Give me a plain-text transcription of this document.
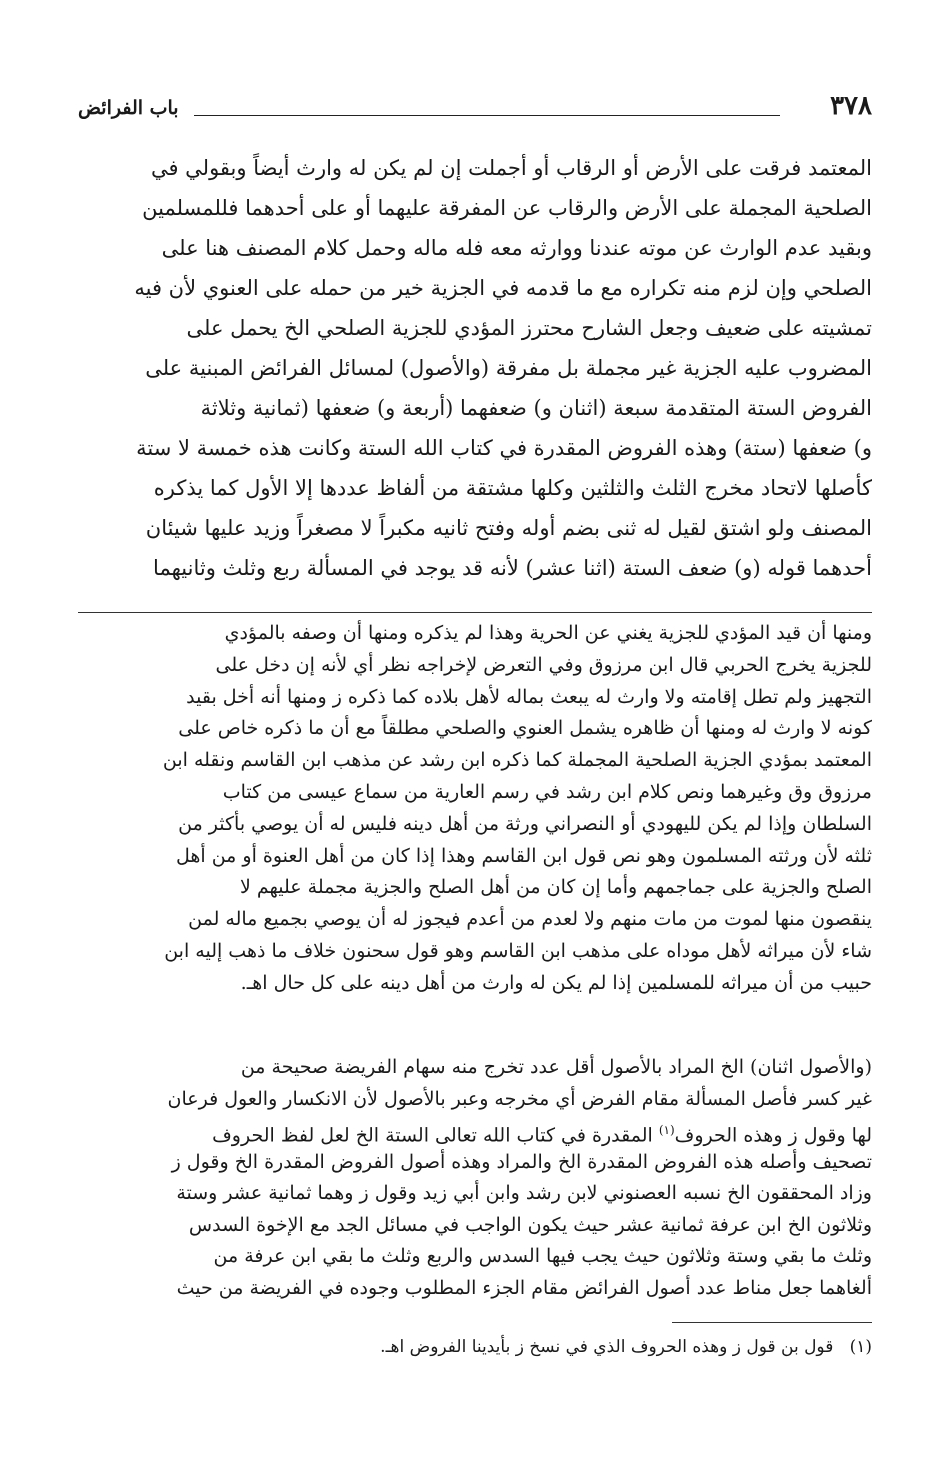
٣٧٨
باب الفرائض
المعتمد فرقت على الأرض أو الرقاب أو أجملت إن لم يكن له وارث أيضاً وبقولي في
الصلحية المجملة على الأرض والرقاب عن المفرقة عليهما أو على أحدهما فللمسلمين
وبقيد عدم الوارث عن موته عندنا ووارثه معه فله ماله وحمل كلام المصنف هنا على
الصلحي وإن لزم منه تكراره مع ما قدمه في الجزية خير من حمله على العنوي لأن فيه
تمشيته على ضعيف وجعل الشارح محترز المؤدي للجزية الصلحي الخ يحمل على
المضروب عليه الجزية غير مجملة بل مفرقة (والأصول) لمسائل الفرائض المبنية على
الفروض الستة المتقدمة سبعة (اثنان و) ضعفهما (أربعة و) ضعفها (ثمانية وثلاثة
و) ضعفها (ستة) وهذه الفروض المقدرة في كتاب الله الستة وكانت هذه خمسة لا ستة
كأصلها لاتحاد مخرج الثلث والثلثين وكلها مشتقة من ألفاظ عددها إلا الأول كما يذكره
المصنف ولو اشتق لقيل له ثنى بضم أوله وفتح ثانيه مكبراً لا مصغراً وزيد عليها شيئان
أحدهما قوله (و) ضعف الستة (اثنا عشر) لأنه قد يوجد في المسألة ربع وثلث وثانيهما
ومنها أن قيد المؤدي للجزية يغني عن الحرية وهذا لم يذكره ومنها أن وصفه بالمؤدي
للجزية يخرج الحربي قال ابن مرزوق وفي التعرض لإخراجه نظر أي لأنه إن دخل على
التجهيز ولم تطل إقامته ولا وارث له يبعث بماله لأهل بلاده كما ذكره ز ومنها أنه أخل بقيد
كونه لا وارث له ومنها أن ظاهره يشمل العنوي والصلحي مطلقاً مع أن ما ذكره خاص على
المعتمد بمؤدي الجزية الصلحية المجملة كما ذكره ابن رشد عن مذهب ابن القاسم ونقله ابن
مرزوق وق وغيرهما ونص كلام ابن رشد في رسم العارية من سماع عيسى من كتاب
السلطان وإذا لم يكن لليهودي أو النصراني ورثة من أهل دينه فليس له أن يوصي بأكثر من
ثلثه لأن ورثته المسلمون وهو نص قول ابن القاسم وهذا إذا كان من أهل العنوة أو من أهل
الصلح والجزية على جماجمهم وأما إن كان من أهل الصلح والجزية مجملة عليهم لا
ينقصون منها لموت من مات منهم ولا لعدم من أعدم فيجوز له أن يوصي بجميع ماله لمن
شاء لأن ميراثه لأهل موداه على مذهب ابن القاسم وهو قول سحنون خلاف ما ذهب إليه ابن
حبيب من أن ميراثه للمسلمين إذا لم يكن له وارث من أهل دينه على كل حال اهـ.
(والأصول اثنان) الخ المراد بالأصول أقل عدد تخرج منه سهام الفريضة صحيحة من
غير كسر فأصل المسألة مقام الفرض أي مخرجه وعبر بالأصول لأن الانكسار والعول فرعان
لها وقول ز وهذه الحروف$^{(١)}$ المقدرة في كتاب الله تعالى الستة الخ لعل لفظ الحروف
تصحيف وأصله هذه الفروض المقدرة الخ والمراد وهذه أصول الفروض المقدرة الخ وقول ز
وزاد المحققون الخ نسبه العصنوني لابن رشد وابن أبي زيد وقول ز وهما ثمانية عشر وستة
وثلاثون الخ ابن عرفة ثمانية عشر حيث يكون الواجب في مسائل الجد مع الإخوة السدس
وثلث ما بقي وستة وثلاثون حيث يجب فيها السدس والربع وثلث ما بقي ابن عرفة من
ألغاهما جعل مناط عدد أصول الفرائض مقام الجزء المطلوب وجوده في الفريضة من حيث
(١)   قول بن قول ز وهذه الحروف الذي في نسخ ز بأيدينا الفروض اهـ.
